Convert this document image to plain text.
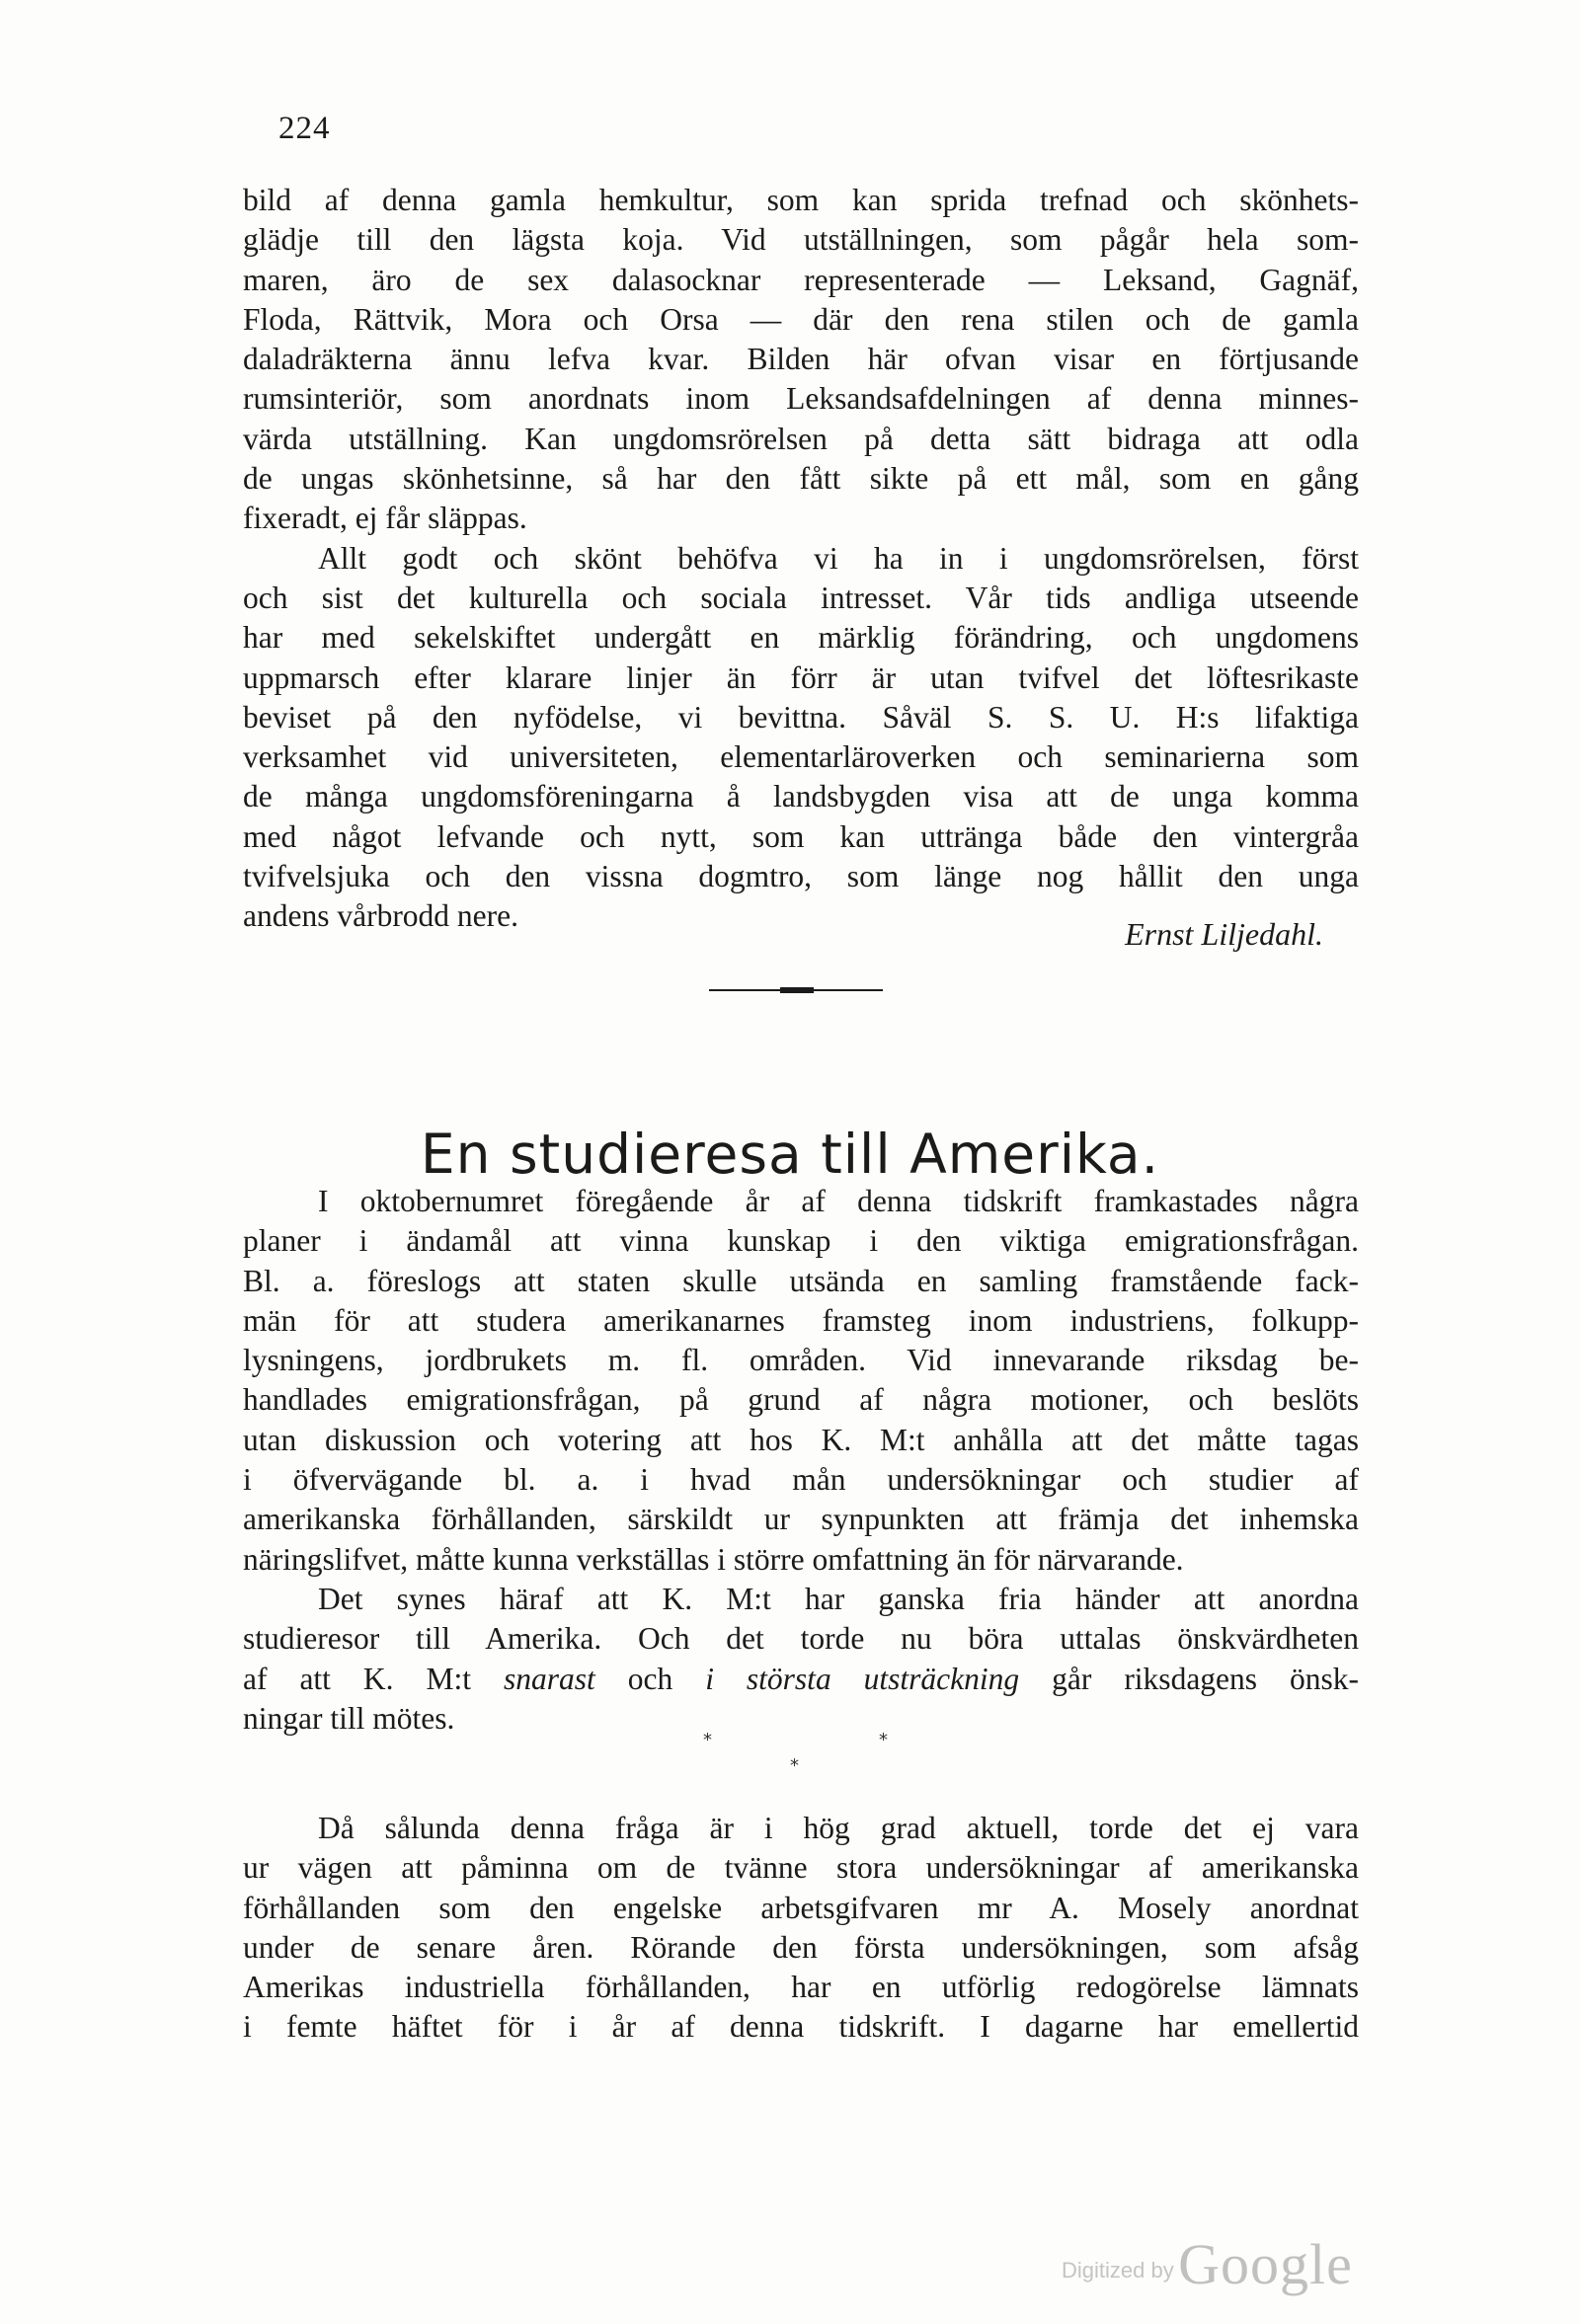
224
bild af denna gamla hemkultur, som kan sprida trefnad och skönhets-
glädje till den lägsta koja. Vid utställningen, som pågår hela som-
maren, äro de sex dalasocknar representerade — Leksand, Gagnäf,
Floda, Rättvik, Mora och Orsa — där den rena stilen och de gamla
daladräkterna ännu lefva kvar. Bilden här ofvan visar en förtjusande
rumsinteriör, som anordnats inom Leksandsafdelningen af denna minnes-
värda utställning. Kan ungdomsrörelsen på detta sätt bidraga att odla
de ungas skönhetsinne, så har den fått sikte på ett mål, som en gång
fixeradt, ej får släppas.
Allt godt och skönt behöfva vi ha in i ungdomsrörelsen, först
och sist det kulturella och sociala intresset. Vår tids andliga utseende
har med sekelskiftet undergått en märklig förändring, och ungdomens
uppmarsch efter klarare linjer än förr är utan tvifvel det löftesrikaste
beviset på den nyfödelse, vi bevittna. Såväl S. S. U. H:s lifaktiga
verksamhet vid universiteten, elementarläroverken och seminarierna som
de många ungdomsföreningarna å landsbygden visa att de unga komma
med något lefvande och nytt, som kan utträngа både den vintergråa
tvifvelsjuka och den vissna dogmtro, som länge nog hållit den unga
andens vårbrodd nere.
Ernst Liljedahl.
En studieresa till Amerika.
I oktobernumret föregående år af denna tidskrift framkastades några
planer i ändamål att vinna kunskap i den viktiga emigrationsfrågan.
Bl. a. föreslogs att staten skulle utsända en samling framstående fack-
män för att studera amerikanarnes framsteg inom industriens, folkupp-
lysningens, jordbrukets m. fl. områden. Vid innevarande riksdag be-
handlades emigrationsfrågan, på grund af några motioner, och beslöts
utan diskussion och votering att hos K. M:t anhålla att det måtte tagas
i öfvervägande bl. a. i hvad mån undersökningar och studier af
amerikanska förhållanden, särskildt ur synpunkten att främja det inhemska
näringslifvet, måtte kunna verkställas i större omfattning än för närvarande.
Det synes häraf att K. M:t har ganska fria händer att anordna
studieresor till Amerika. Och det torde nu böra uttalas önskvärdheten
af att K. M:t snarast och i största utsträckning går riksdagens önsk-
ningar till mötes.
*	*
*
Då sålunda denna fråga är i hög grad aktuell, torde det ej vara
ur vägen att påminna om de tvänne stora undersökningar af amerikanska
förhållanden som den engelske arbetsgifvaren mr A. Mosely anordnat
under de senare åren. Rörande den första undersökningen, som afsåg
Amerikas industriella förhållanden, har en utförlig redogörelse lämnats
i femte häftet för i år af denna tidskrift. I dagarne har emellertid
Digitized by Google
